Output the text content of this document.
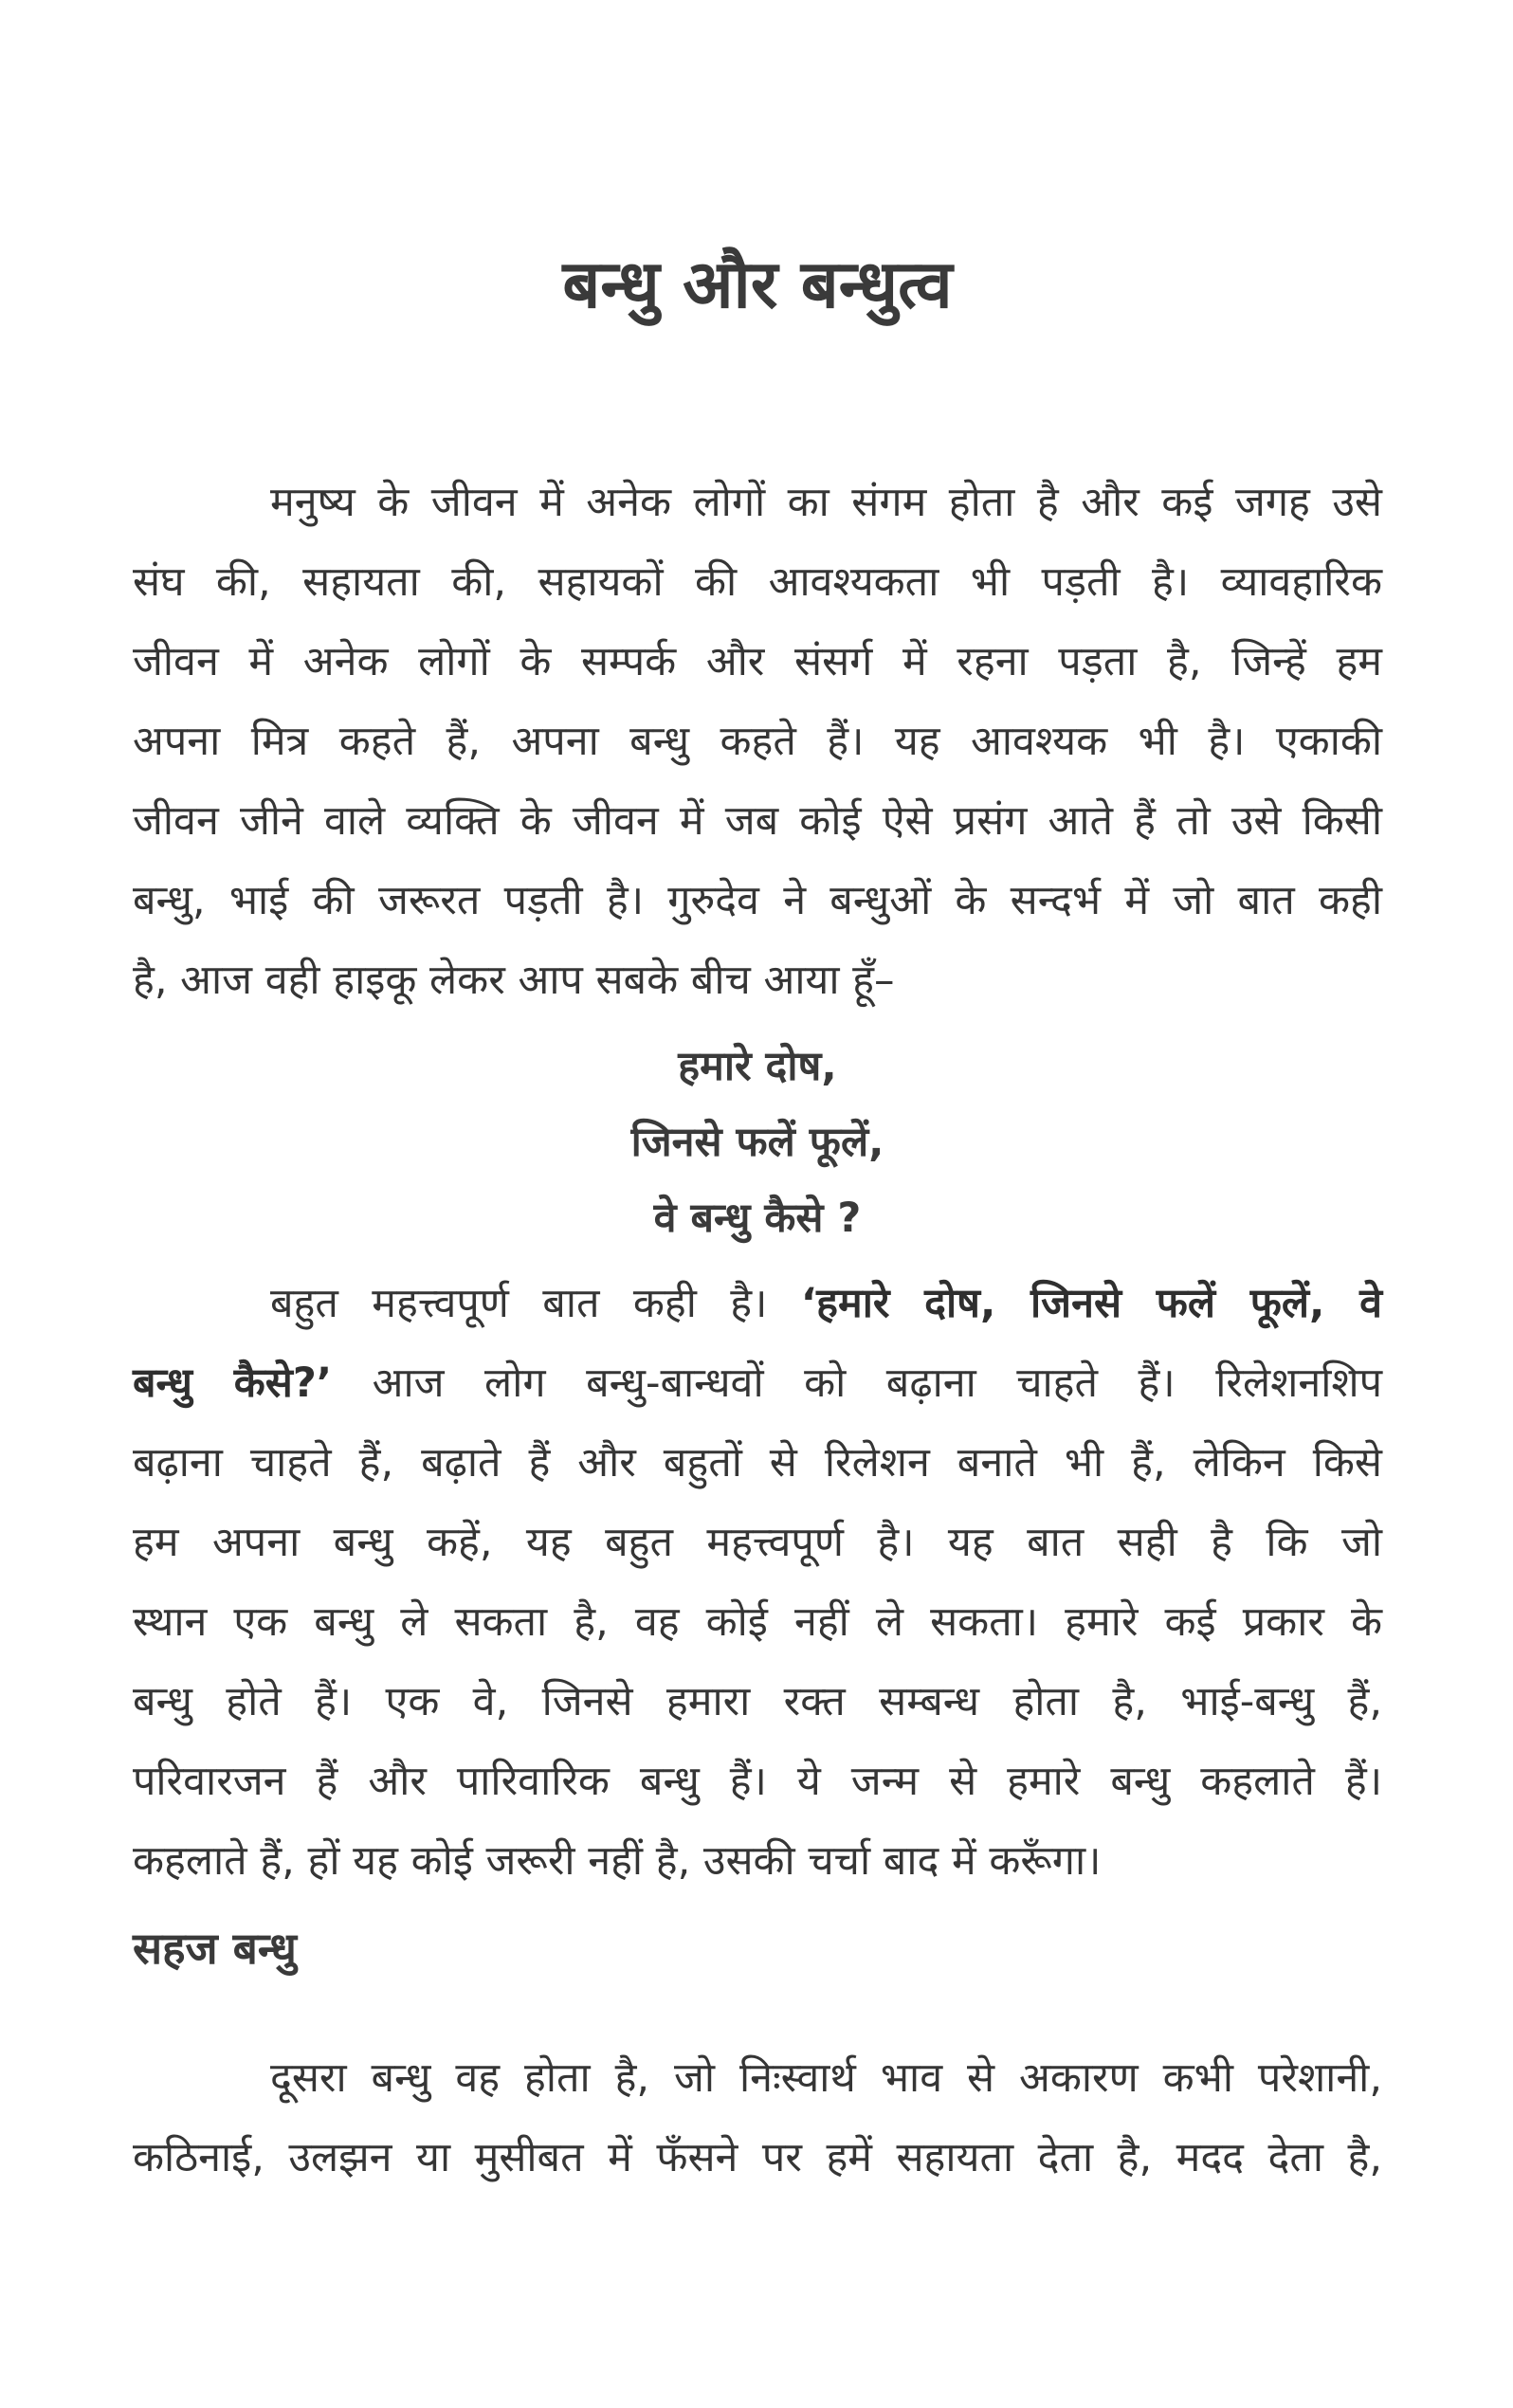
बन्धु और बन्धुत्व
मनुष्य के जीवन में अनेक लोगों का संगम होता है और कई जगह उसे
संघ की, सहायता की, सहायकों की आवश्यकता भी पड़ती है। व्यावहारिक
जीवन में अनेक लोगों के सम्पर्क और संसर्ग में रहना पड़ता है, जिन्हें हम
अपना मित्र कहते हैं, अपना बन्धु कहते हैं। यह आवश्यक भी है। एकाकी
जीवन जीने वाले व्यक्ति के जीवन में जब कोई ऐसे प्रसंग आते हैं तो उसे किसी
बन्धु, भाई की जरूरत पड़ती है। गुरुदेव ने बन्धुओं के सन्दर्भ में जो बात कही
है, आज वही हाइकू लेकर आप सबके बीच आया हूँ–
हमारे दोष,
जिनसे फलें फूलें,
वे बन्धु कैसे ?
बहुत महत्त्वपूर्ण बात कही है। ‘हमारे दोष, जिनसे फलें फूलें, वे
बन्धु कैसे?’ आज लोग बन्धु-बान्धवों को बढ़ाना चाहते हैं। रिलेशनशिप
बढ़ाना चाहते हैं, बढ़ाते हैं और बहुतों से रिलेशन बनाते भी हैं, लेकिन किसे
हम अपना बन्धु कहें, यह बहुत महत्त्वपूर्ण है। यह बात सही है कि जो
स्थान एक बन्धु ले सकता है, वह कोई नहीं ले सकता। हमारे कई प्रकार के
बन्धु होते हैं। एक वे, जिनसे हमारा रक्त सम्बन्ध होता है, भाई-बन्धु हैं,
परिवारजन हैं और पारिवारिक बन्धु हैं। ये जन्म से हमारे बन्धु कहलाते हैं।
कहलाते हैं, हों यह कोई जरूरी नहीं है, उसकी चर्चा बाद में करूँगा।
सहज बन्धु
दूसरा बन्धु वह होता है, जो निःस्वार्थ भाव से अकारण कभी परेशानी,
कठिनाई, उलझन या मुसीबत में फँसने पर हमें सहायता देता है, मदद देता है,
